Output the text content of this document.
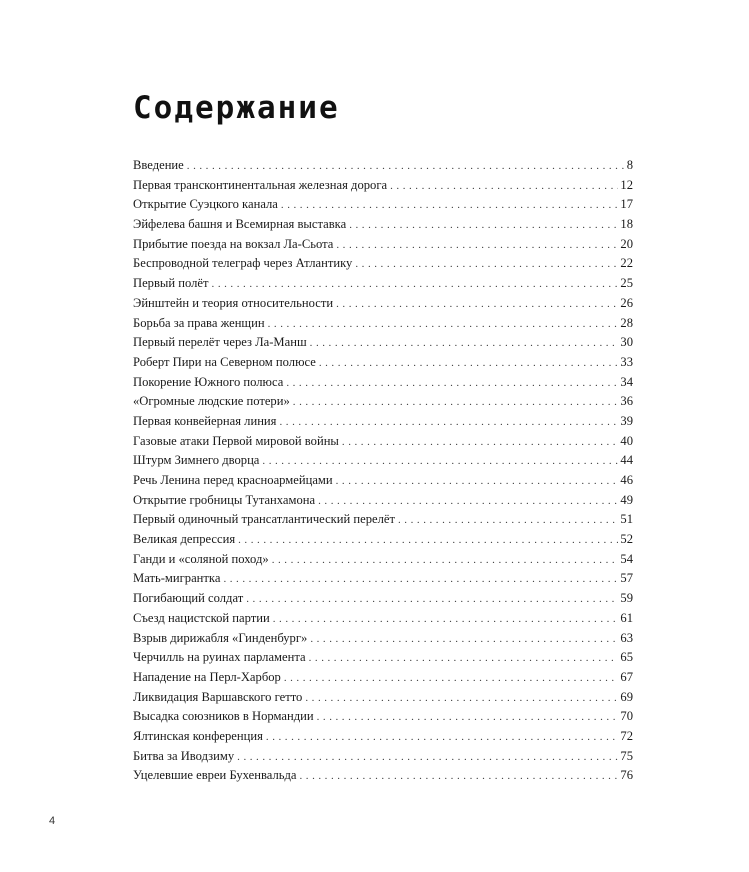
Содержание
Введение . . .	8
Первая трансконтинентальная железная дорога . . .	12
Открытие Суэцкого канала . . .	17
Эйфелева башня и Всемирная выставка . . .	18
Прибытие поезда на вокзал Ла-Сьота . . .	20
Беспроводной телеграф через Атлантику . . .	22
Первый полёт . . .	25
Эйнштейн и теория относительности . . .	26
Борьба за права женщин . . .	28
Первый перелёт через Ла-Манш . . .	30
Роберт Пири на Северном полюсе . . .	33
Покорение Южного полюса . . .	34
«Огромные людские потери» . . .	36
Первая конвейерная линия . . .	39
Газовые атаки Первой мировой войны . . .	40
Штурм Зимнего дворца . . .	44
Речь Ленина перед красноармейцами . . .	46
Открытие гробницы Тутанхамона . . .	49
Первый одиночный трансатлантический перелёт . . .	51
Великая депрессия . . .	52
Ганди и «соляной поход» . . .	54
Мать-мигрантка . . .	57
Погибающий солдат . . .	59
Съезд нацистской партии . . .	61
Взрыв дирижабля «Гинденбург» . . .	63
Черчилль на руинах парламента . . .	65
Нападение на Перл-Харбор . . .	67
Ликвидация Варшавского гетто . . .	69
Высадка союзников в Нормандии . . .	70
Ялтинская конференция . . .	72
Битва за Иводзиму . . .	75
Уцелевшие евреи Бухенвальда . . .	76
4
